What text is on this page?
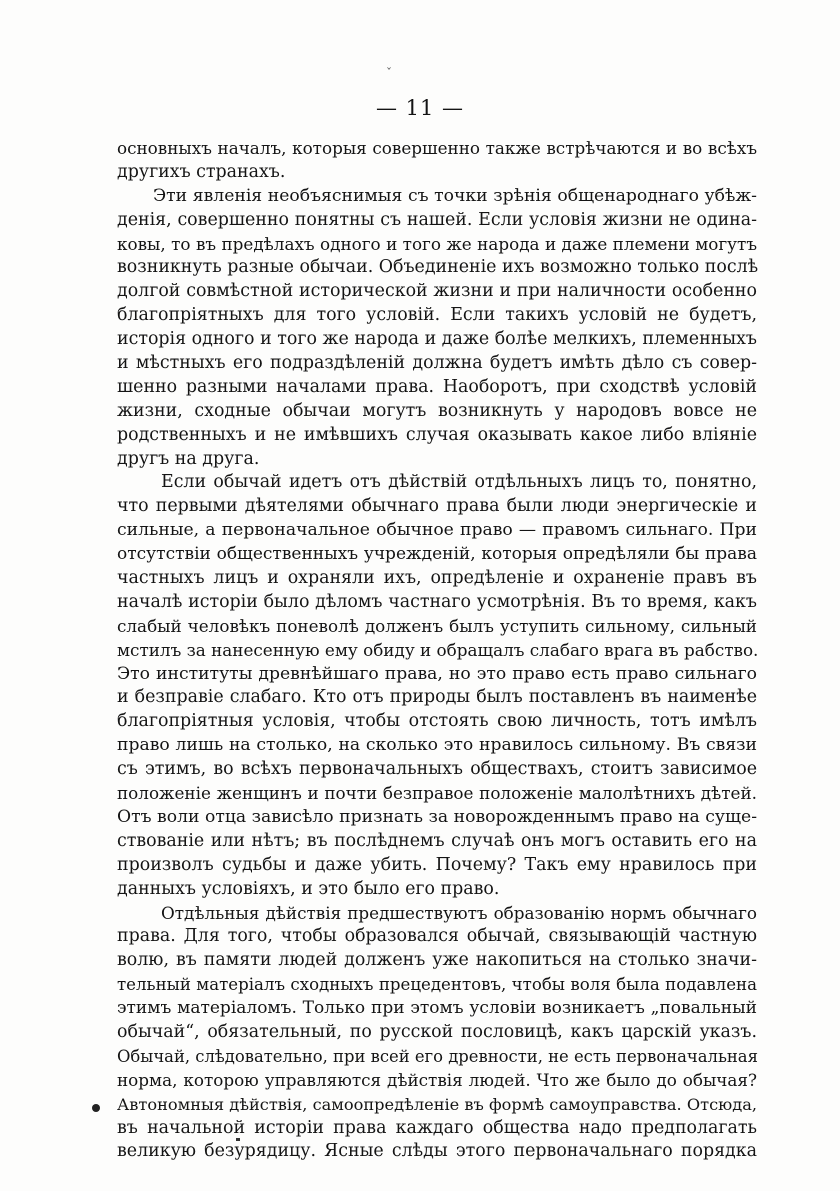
ˇ
— 11 —
основныхъ началъ, которыя совершенно также встрѣчаются и во всѣхъ
другихъ странахъ.
Эти явленія необъяснимыя съ точки зрѣнія общенароднаго убѣж-
денія, совершенно понятны съ нашей. Если условія жизни не одина-
ковы, то въ предѣлахъ одного и того же народа и даже племени могутъ
возникнуть разные обычаи. Объединеніе ихъ возможно только послѣ
долгой совмѣстной исторической жизни и при наличности особенно
благопріятныхъ для того условій. Если такихъ условій не будетъ,
исторія одного и того же народа и даже болѣе мелкихъ, племенныхъ
и мѣстныхъ его подраздѣленій должна будетъ имѣть дѣло съ совер-
шенно разными началами права. Наоборотъ, при сходствѣ условій
жизни, сходные обычаи могутъ возникнуть у народовъ вовсе не
родственныхъ и не имѣвшихъ случая оказывать какое либо вліяніе
другъ на друга.
Если обычай идетъ отъ дѣйствій отдѣльныхъ лицъ то, понятно,
что первыми дѣятелями обычнаго права были люди энергическіе и
сильные, а первоначальное обычное право — правомъ сильнаго. При
отсутствіи общественныхъ учрежденій, которыя опредѣляли бы права
частныхъ лицъ и охраняли ихъ, опредѣленіе и охраненіе правъ въ
началѣ исторіи было дѣломъ частнаго усмотрѣнія. Въ то время, какъ
слабый человѣкъ поневолѣ долженъ былъ уступить сильному, сильный
мстилъ за нанесенную ему обиду и обращалъ слабаго врага въ рабство.
Это институты древнѣйшаго права, но это право есть право сильнаго
и безправіе слабаго. Кто отъ природы былъ поставленъ въ наименѣе
благопріятныя условія, чтобы отстоять свою личность, тотъ имѣлъ
право лишь на столько, на сколько это нравилось сильному. Въ связи
съ этимъ, во всѣхъ первоначальныхъ обществахъ, стоитъ зависимое
положеніе женщинъ и почти безправое положеніе малолѣтнихъ дѣтей.
Отъ воли отца зависѣло признать за новорожденнымъ право на суще-
ствованіе или нѣтъ; въ послѣднемъ случаѣ онъ могъ оставить его на
произволъ судьбы и даже убить. Почему? Такъ ему нравилось при
данныхъ условіяхъ, и это было его право.
Отдѣльныя дѣйствія предшествуютъ образованію нормъ обычнаго
права. Для того, чтобы образовался обычай, связывающій частную
волю, въ памяти людей долженъ уже накопиться на столько значи-
тельный матеріалъ сходныхъ прецедентовъ, чтобы воля была подавлена
этимъ матеріаломъ. Только при этомъ условіи возникаетъ „повальный
обычай“, обязательный, по русской пословицѣ, какъ царскій указъ.
Обычай, слѣдовательно, при всей его древности, не есть первоначальная
норма, которою управляются дѣйствія людей. Что же было до обычая?
Автономныя дѣйствія, самоопредѣленіе въ формѣ самоуправства. Отсюда,
въ начальной исторіи права каждаго общества надо предполагать
великую безурядицу. Ясные слѣды этого первоначальнаго порядка
